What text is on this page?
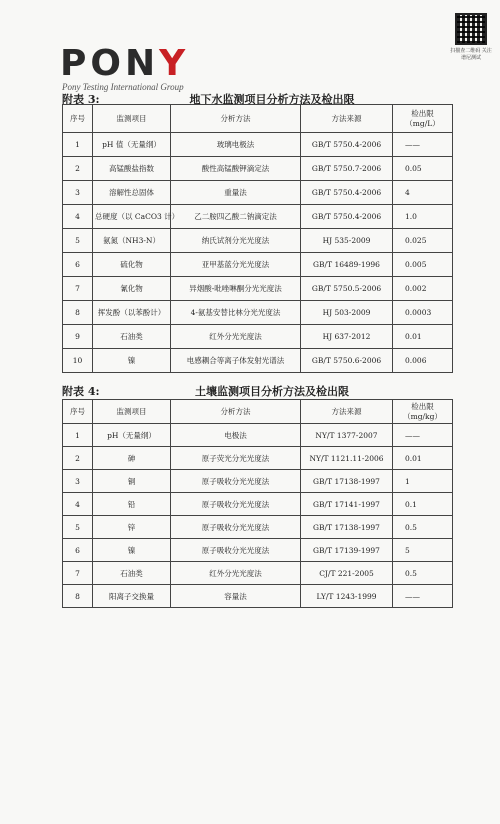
PONY
Pony Testing International Group
扫描查二维码 关注谱尼测试
附表 3:	地下水监测项目分析方法及检出限
序号	监测项目	分析方法	方法来源	检出限 （mg/L）
1	pH 值（无量纲）	玻璃电极法	GB/T 5750.4-2006	——
2	高锰酸盐指数	酸性高锰酸钾滴定法	GB/T 5750.7-2006	0.05
3	溶解性总固体	重量法	GB/T 5750.4-2006	4
4	总硬度（以 CaCO3 计）	乙二胺四乙酸二钠滴定法	GB/T 5750.4-2006	1.0
5	氨氮（NH3-N）	纳氏试剂分光光度法	HJ 535-2009	0.025
6	硫化物	亚甲基蓝分光光度法	GB/T 16489-1996	0.005
7	氰化物	异烟酸-吡唑啉酮分光光度法	GB/T 5750.5-2006	0.002
8	挥发酚（以苯酚计）	4-氨基安替比林分光光度法	HJ 503-2009	0.0003
9	石油类	红外分光光度法	HJ 637-2012	0.01
10	镍	电感耦合等离子体发射光谱法	GB/T 5750.6-2006	0.006
附表 4:	土壤监测项目分析方法及检出限
序号	监测项目	分析方法	方法来源	检出限 （mg/kg）
1	pH（无量纲）	电极法	NY/T 1377-2007	——
2	砷	原子荧光分光光度法	NY/T 1121.11-2006	0.01
3	铜	原子吸收分光光度法	GB/T 17138-1997	1
4	铅	原子吸收分光光度法	GB/T 17141-1997	0.1
5	锌	原子吸收分光光度法	GB/T 17138-1997	0.5
6	镍	原子吸收分光光度法	GB/T 17139-1997	5
7	石油类	红外分光光度法	CJ/T 221-2005	0.5
8	阳离子交换量	容量法	LY/T 1243-1999	——
